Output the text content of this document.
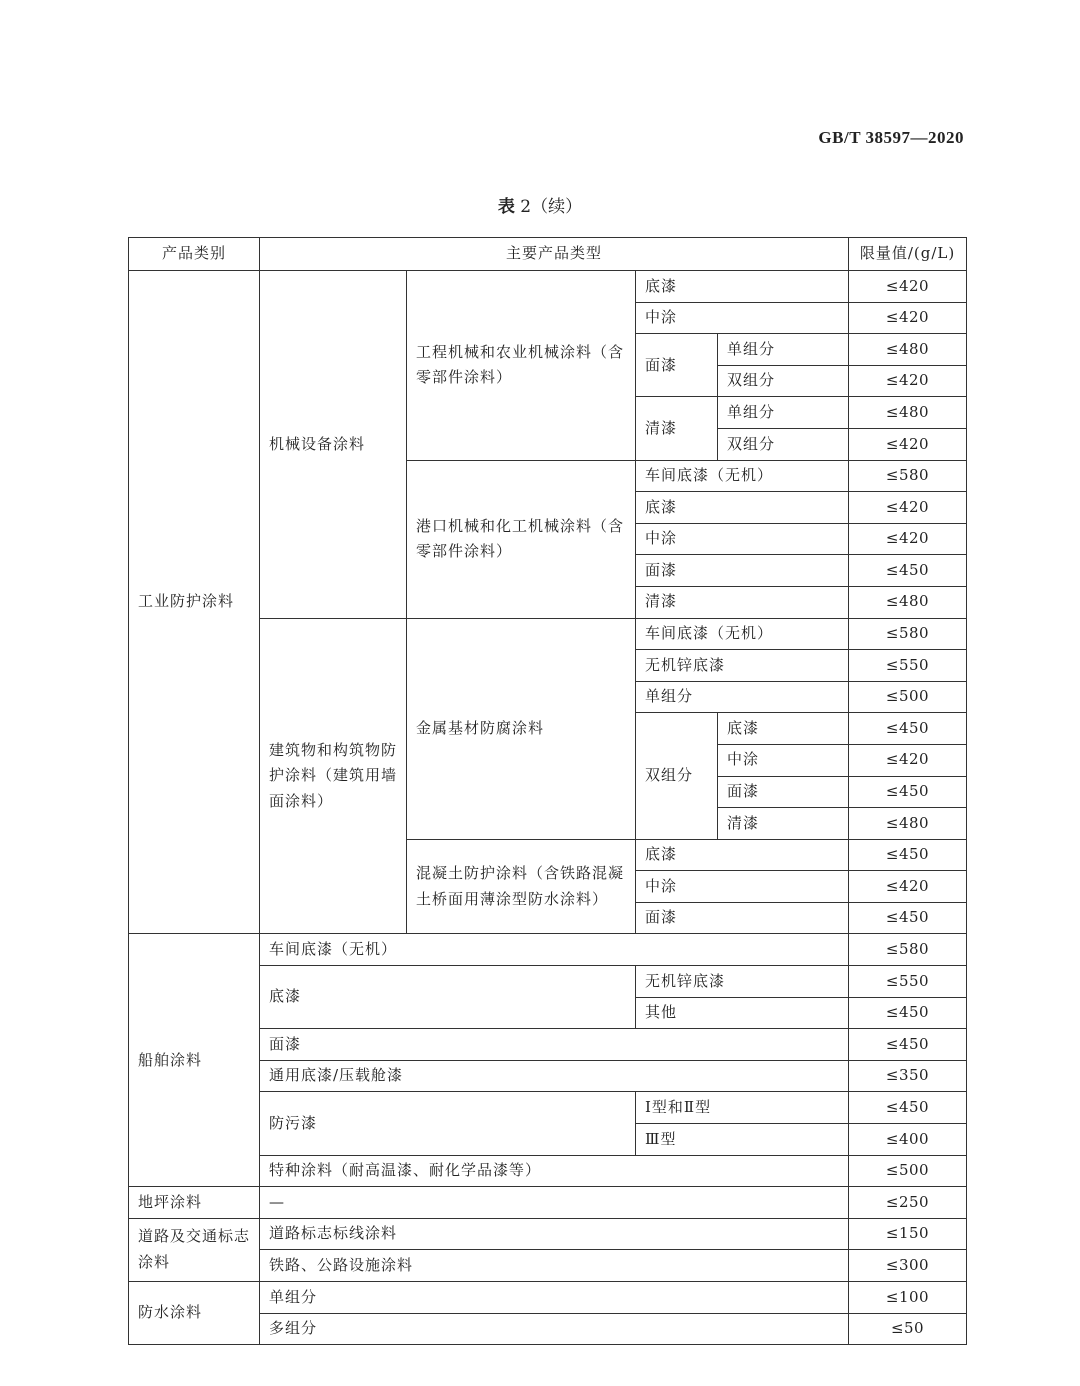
GB/T 38597—2020
表 2（续）
产品类别	主要产品类型				限量值/(g/L)
工业防护涂料	机械设备涂料	工程机械和农业机械涂料（含零部件涂料）	底漆		≤420
			中涂		≤420
			面漆	单组分	≤480
				双组分	≤420
			清漆	单组分	≤480
				双组分	≤420
		港口机械和化工机械涂料（含零部件涂料）	车间底漆（无机）		≤580
			底漆		≤420
			中涂		≤420
			面漆		≤450
			清漆		≤480
	建筑物和构筑物防护涂料（建筑用墙面涂料）	金属基材防腐涂料	车间底漆（无机）		≤580
			无机锌底漆		≤550
			单组分		≤500
			双组分	底漆	≤450
				中涂	≤420
				面漆	≤450
				清漆	≤480
		混凝土防护涂料（含铁路混凝土桥面用薄涂型防水涂料）	底漆		≤450
			中涂		≤420
			面漆		≤450
船舶涂料	车间底漆（无机）				≤580
	底漆		无机锌底漆		≤550
			其他		≤450
	面漆				≤450
	通用底漆/压载舱漆				≤350
	防污漆		Ⅰ型和Ⅱ型		≤450
			Ⅲ型		≤400
	特种涂料（耐高温漆、耐化学品漆等）				≤500
地坪涂料	—				≤250
道路及交通标志涂料	道路标志标线涂料				≤150
	铁路、公路设施涂料				≤300
防水涂料	单组分				≤100
	多组分				≤50
